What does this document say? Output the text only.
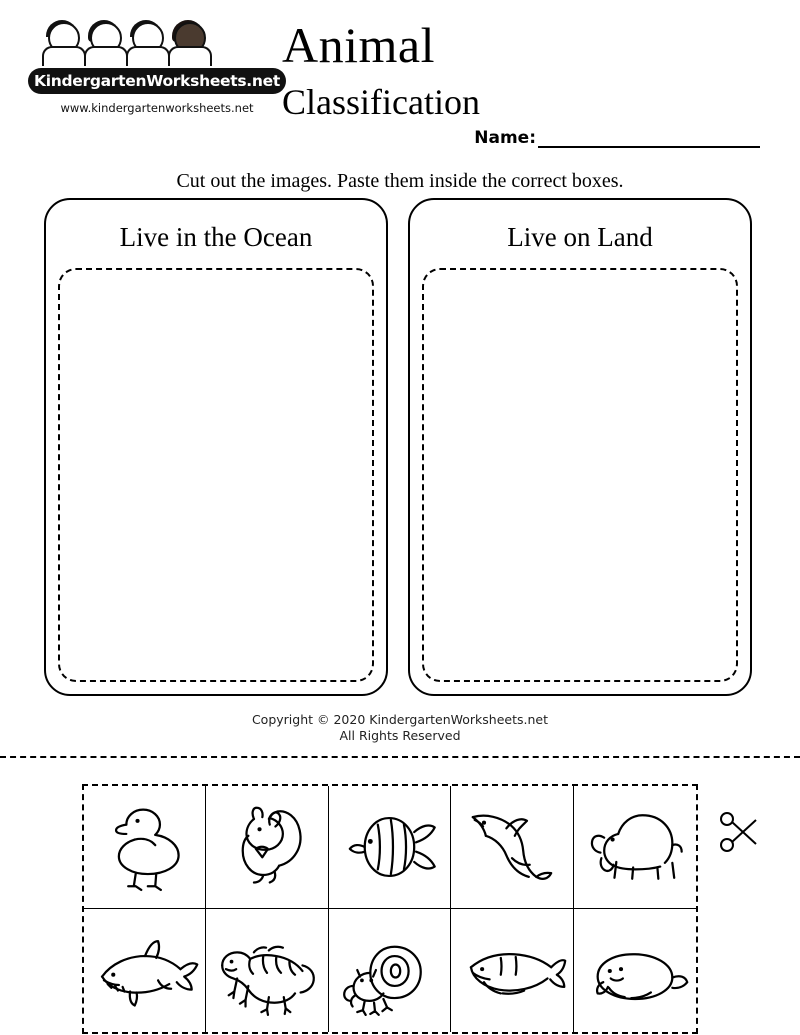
KindergartenWorksheets.net
www.kindergartenworksheets.net
Animal
Classification
Name:
Cut out the images. Paste them inside the correct boxes.
Live in the Ocean	Live on Land
Copyright © 2020 KindergartenWorksheets.net
All Rights Reserved
